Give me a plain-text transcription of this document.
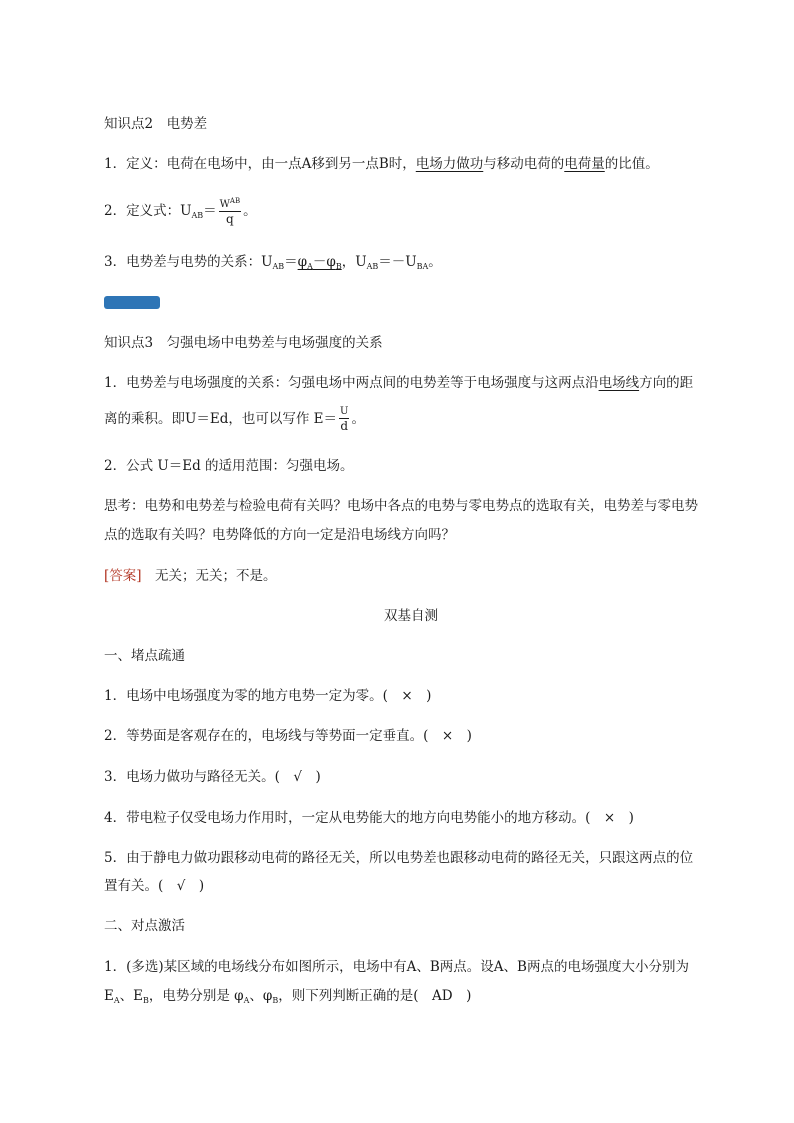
知识点2　电势差
1．定义：电荷在电场中，由一点A移到另一点B时，电场力做功与移动电荷的电荷量的比值。
2．定义式：$U_{AB}= \frac{W^{AB}}{q}$ 。
3．电势差与电势的关系：$U_{AB}=\varphi_A-\varphi_B$，$U_{AB}=-U_{BA}$。
知识点3　匀强电场中电势差与电场强度的关系
1．电势差与电场强度的关系：匀强电场中两点间的电势差等于电场强度与这两点沿电场线方向的距
离的乘积。即U＝Ed，也可以写作 $E= \frac{U}{d}$ 。
2．公式 U＝Ed 的适用范围：匀强电场。
思考：电势和电势差与检验电荷有关吗？电场中各点的电势与零电势点的选取有关，电势差与零电势
点的选取有关吗？电势降低的方向一定是沿电场线方向吗？
[答案]　无关；无关；不是。
双基自测
一、堵点疏通
1．电场中电场强度为零的地方电势一定为零。(　×　)
2．等势面是客观存在的，电场线与等势面一定垂直。(　×　)
3．电场力做功与路径无关。(　√　)
4．带电粒子仅受电场力作用时，一定从电势能大的地方向电势能小的地方移动。(　×　)
5．由于静电力做功跟移动电荷的路径无关，所以电势差也跟移动电荷的路径无关，只跟这两点的位
置有关。(　√　)
二、对点激活
1．(多选)某区域的电场线分布如图所示，电场中有A、B两点。设A、B两点的电场强度大小分别为
$E_A$、$E_B$，电势分别是 $\varphi_A$、$\varphi_B$，则下列判断正确的是(　AD　)
